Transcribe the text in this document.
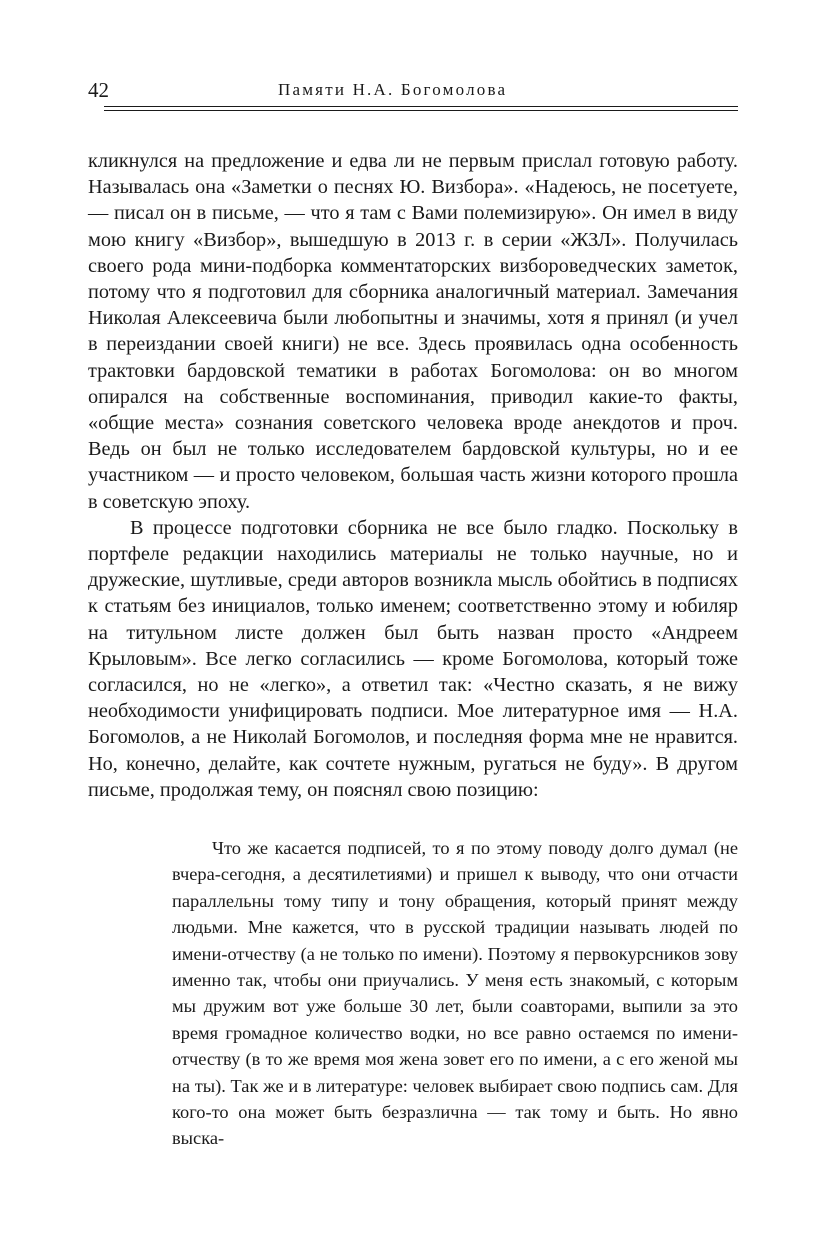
42	Памяти Н.А. Богомолова

кликнулся на предложение и едва ли не первым прислал готовую работу. Называлась она «Заметки о песнях Ю. Визбора». «Надеюсь, не посетуете, — писал он в письме, — что я там с Вами полемизирую». Он имел в виду мою книгу «Визбор», вышедшую в 2013 г. в серии «ЖЗЛ». Получилась своего рода мини-подборка комментаторских визбороведческих заметок, потому что я подготовил для сборника аналогичный материал. Замечания Николая Алексеевича были любопытны и значимы, хотя я принял (и учел в переиздании своей книги) не все. Здесь проявилась одна особенность трактовки бардовской тематики в работах Богомолова: он во многом опирался на собственные воспоминания, приводил какие-то факты, «общие места» сознания советского человека вроде анекдотов и проч. Ведь он был не только исследователем бардовской культуры, но и ее участником — и просто человеком, большая часть жизни которого прошла в советскую эпоху.

В процессе подготовки сборника не все было гладко. Поскольку в портфеле редакции находились материалы не только научные, но и дружеские, шутливые, среди авторов возникла мысль обойтись в подписях к статьям без инициалов, только именем; соответственно этому и юбиляр на титульном листе должен был быть назван просто «Андреем Крыловым». Все легко согласились — кроме Богомолова, который тоже согласился, но не «легко», а ответил так: «Честно сказать, я не вижу необходимости унифицировать подписи. Мое литературное имя — Н.А. Богомолов, а не Николай Богомолов, и последняя форма мне не нравится. Но, конечно, делайте, как сочтете нужным, ругаться не буду». В другом письме, продолжая тему, он пояснял свою позицию:

Что же касается подписей, то я по этому поводу долго думал (не вчера-сегодня, а десятилетиями) и пришел к выводу, что они отчасти параллельны тому типу и тону обращения, который принят между людьми. Мне кажется, что в русской традиции называть людей по имени-отчеству (а не только по имени). Поэтому я первокурсников зову именно так, чтобы они приучались. У меня есть знакомый, с которым мы дружим вот уже больше 30 лет, были соавторами, выпили за это время громадное количество водки, но все равно остаемся по имени-отчеству (в то же время моя жена зовет его по имени, а с его женой мы на ты). Так же и в литературе: человек выбирает свою подпись сам. Для кого-то она может быть безразлична — так тому и быть. Но явно выска-
